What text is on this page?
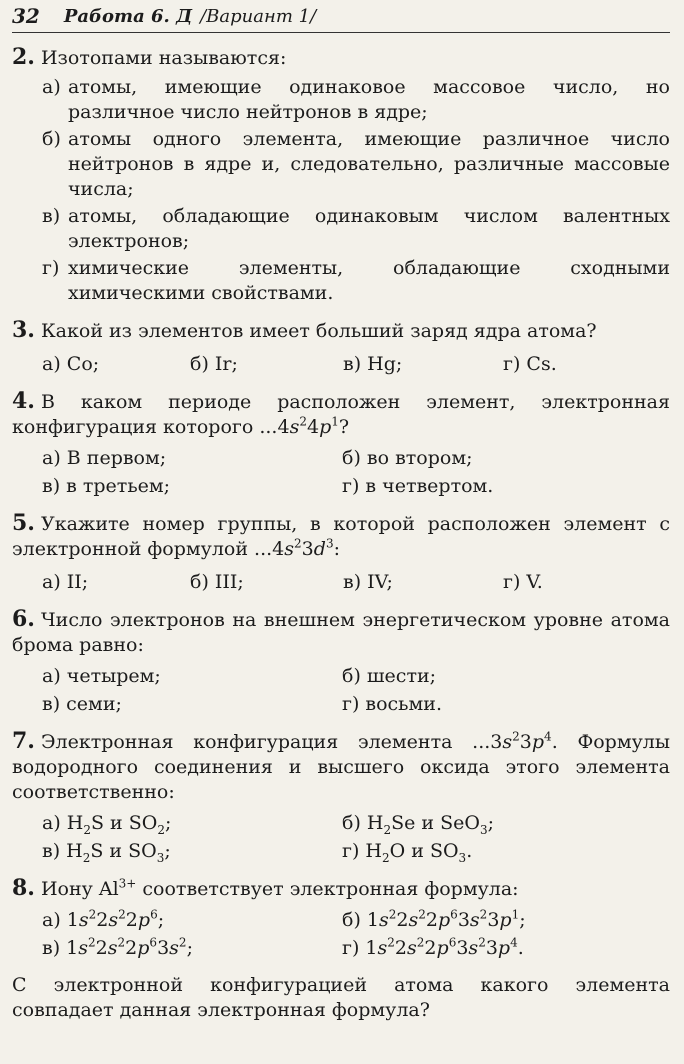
32 Работа 6. Д /Вариант 1/
2. Изотопами называются:
а) атомы, имеющие одинаковое массовое число, но различное число нейтронов в ядре;
б) атомы одного элемента, имеющие различное число нейтронов в ядре и, следовательно, различные массовые числа;
в) атомы, обладающие одинаковым числом валентных электронов;
г) химические элементы, обладающие сходными химическими свойствами.
3. Какой из элементов имеет больший заряд ядра атома?
а) Co;	б) Ir;	в) Hg;	г) Cs.
4. В каком периоде расположен элемент, электронная конфигурация которого $...4s^24p^1$?
а) В первом;	б) во втором;
в) в третьем;	г) в четвертом.
5. Укажите номер группы, в которой расположен элемент с электронной формулой $...4s^23d^3$:
а) II;	б) III;	в) IV;	г) V.
6. Число электронов на внешнем энергетическом уровне атома брома равно:
а) четырем;	б) шести;
в) семи;	г) восьми.
7. Электронная конфигурация элемента $...3s^23p^4$. Формулы водородного соединения и высшего оксида этого элемента соответственно:
а) $H_2S$ и $SO_2$;	б) $H_2Se$ и SeO$_3$;
в) $H_2S$ и $SO_3$;	г) $H_2O$ и $SO_3$.
8. Иону $Al^{3+}$ соответствует электронная формула:
а) $1s^22s^22p^6$;	б) $1s^22s^22p^63s^23p^1$;
в) $1s^22s^22p^63s^2$;	г) $1s^22s^22p^63s^23p^4$.
С электронной конфигурацией атома какого элемента совпадает данная электронная формула?
